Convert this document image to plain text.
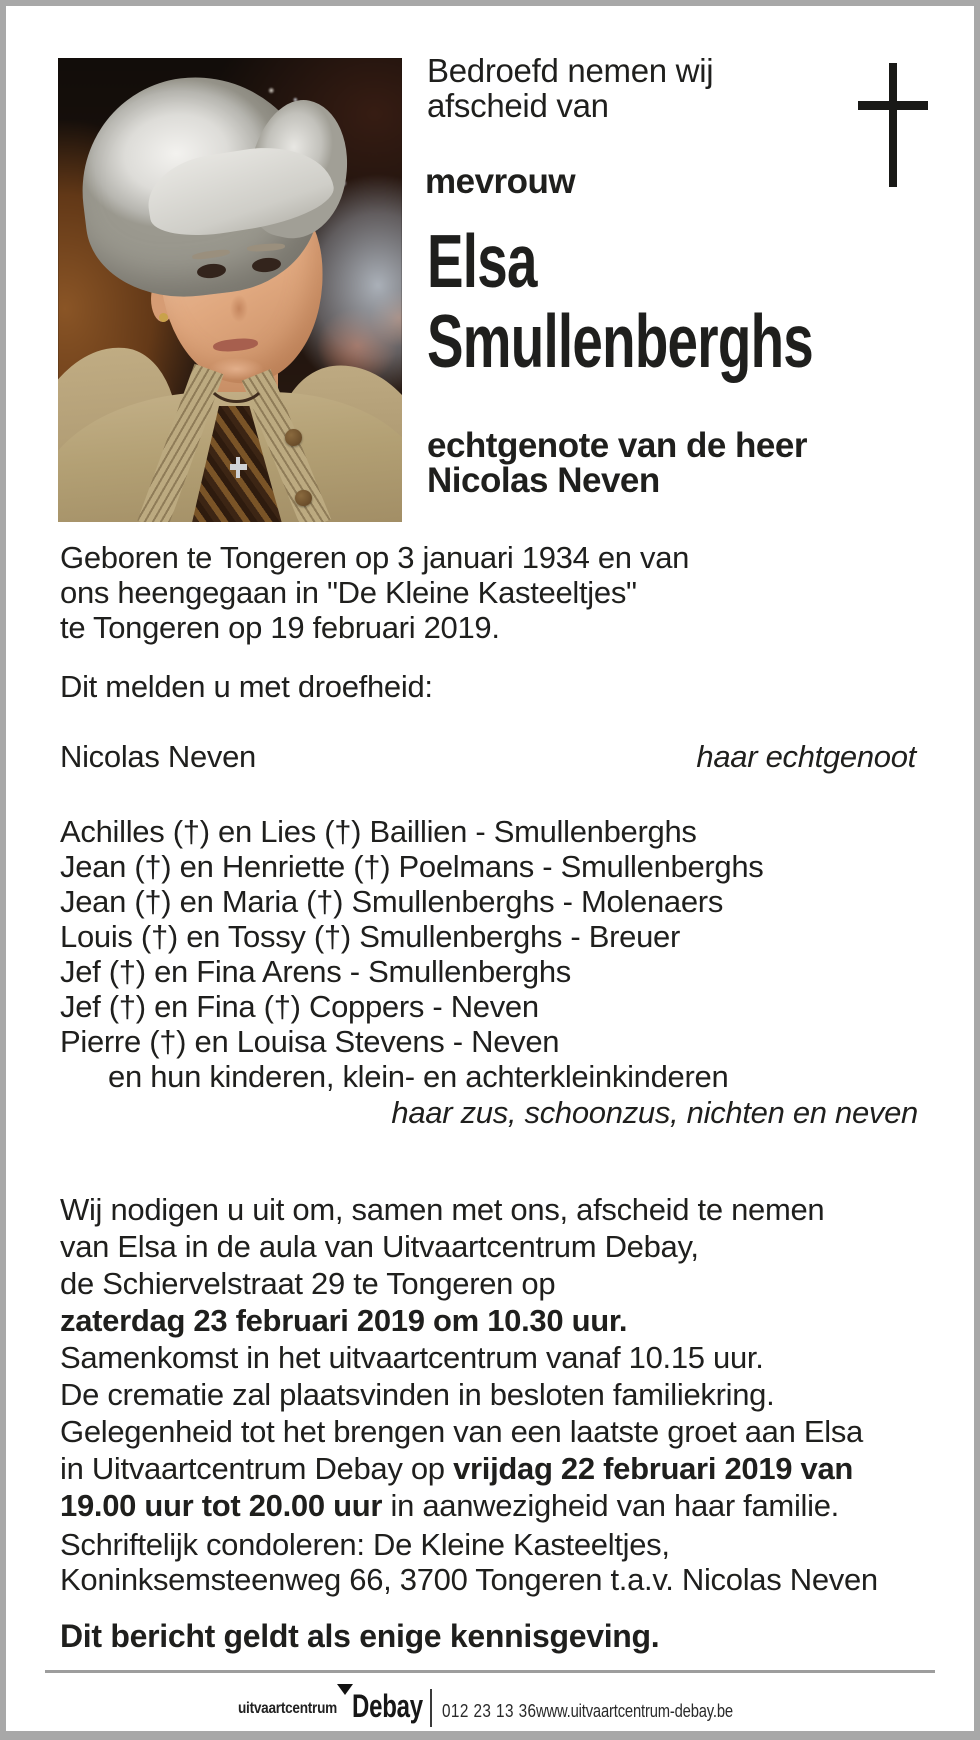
Bedroefd nemen wij
afscheid van
mevrouw
Elsa
Smullenberghs
echtgenote van de heer
Nicolas Neven
Geboren te Tongeren op 3 januari 1934 en van
ons heengegaan in "De Kleine Kasteeltjes"
te Tongeren op 19 februari 2019.
Dit melden u met droefheid:
Nicolas Neven	haar echtgenoot
Achilles (†) en Lies (†) Baillien - Smullenberghs
Jean (†) en Henriette (†) Poelmans - Smullenberghs
Jean (†) en Maria (†) Smullenberghs - Molenaers
Louis (†) en Tossy (†) Smullenberghs - Breuer
Jef (†) en Fina Arens - Smullenberghs
Jef (†) en Fina (†) Coppers - Neven
Pierre (†) en Louisa Stevens - Neven
en hun kinderen, klein- en achterkleinkinderen
haar zus, schoonzus, nichten en neven
Wij nodigen u uit om, samen met ons, afscheid te nemen
van Elsa in de aula van Uitvaartcentrum Debay,
de Schiervelstraat 29 te Tongeren op
zaterdag 23 februari 2019 om 10.30 uur.
Samenkomst in het uitvaartcentrum vanaf 10.15 uur.
De crematie zal plaatsvinden in besloten familiekring.
Gelegenheid tot het brengen van een laatste groet aan Elsa
in Uitvaartcentrum Debay op vrijdag 22 februari 2019 van
19.00 uur tot 20.00 uur in aanwezigheid van haar familie.
Schriftelijk condoleren: De Kleine Kasteeltjes,
Koninksemsteenweg 66, 3700 Tongeren t.a.v. Nicolas Neven
Dit bericht geldt als enige kennisgeving.
uitvaartcentrum Debay 012 23 13 36 www.uitvaartcentrum-debay.be
